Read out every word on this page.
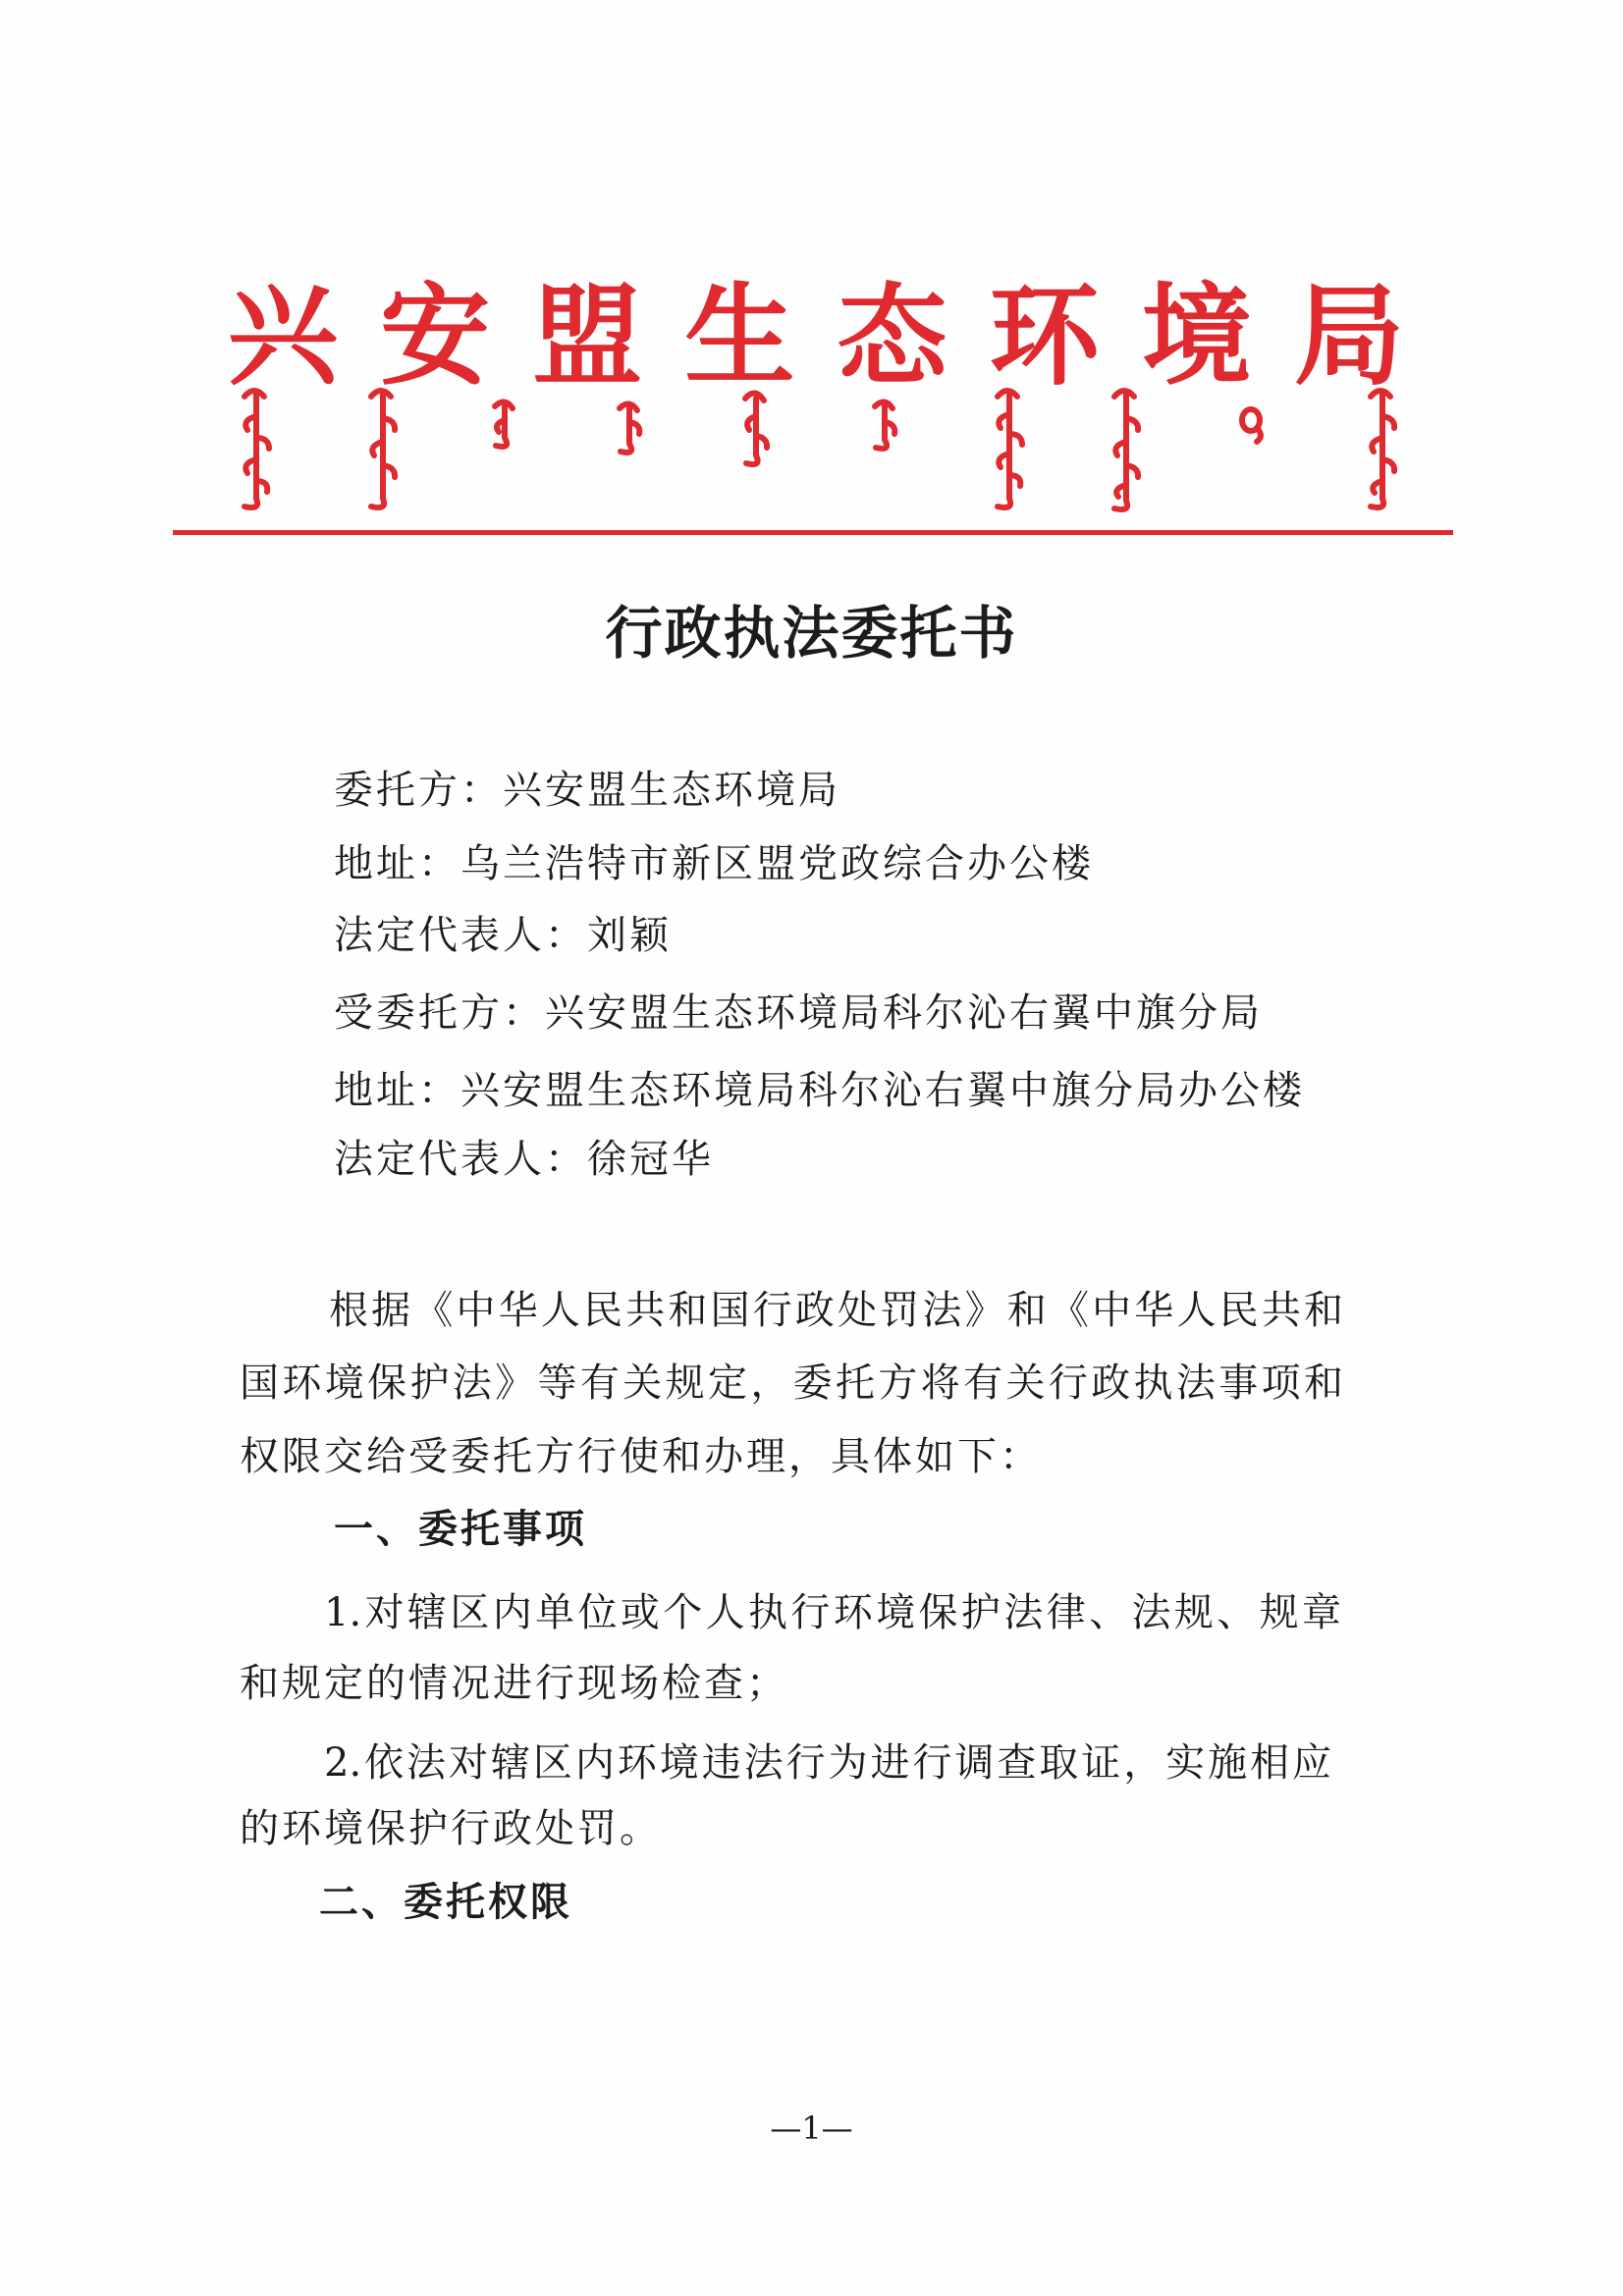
兴安盟生态环境局
行政执法委托书
委托方：兴安盟生态环境局
地址：乌兰浩特市新区盟党政综合办公楼
法定代表人：刘颖
受委托方：兴安盟生态环境局科尔沁右翼中旗分局
地址：兴安盟生态环境局科尔沁右翼中旗分局办公楼
法定代表人：徐冠华
根据《中华人民共和国行政处罚法》和《中华人民共和
国环境保护法》等有关规定，委托方将有关行政执法事项和
权限交给受委托方行使和办理，具体如下：
一、委托事项
1.对辖区内单位或个人执行环境保护法律、法规、规章
和规定的情况进行现场检查；
2.依法对辖区内环境违法行为进行调查取证，实施相应
的环境保护行政处罚。
二、委托权限
—1—
